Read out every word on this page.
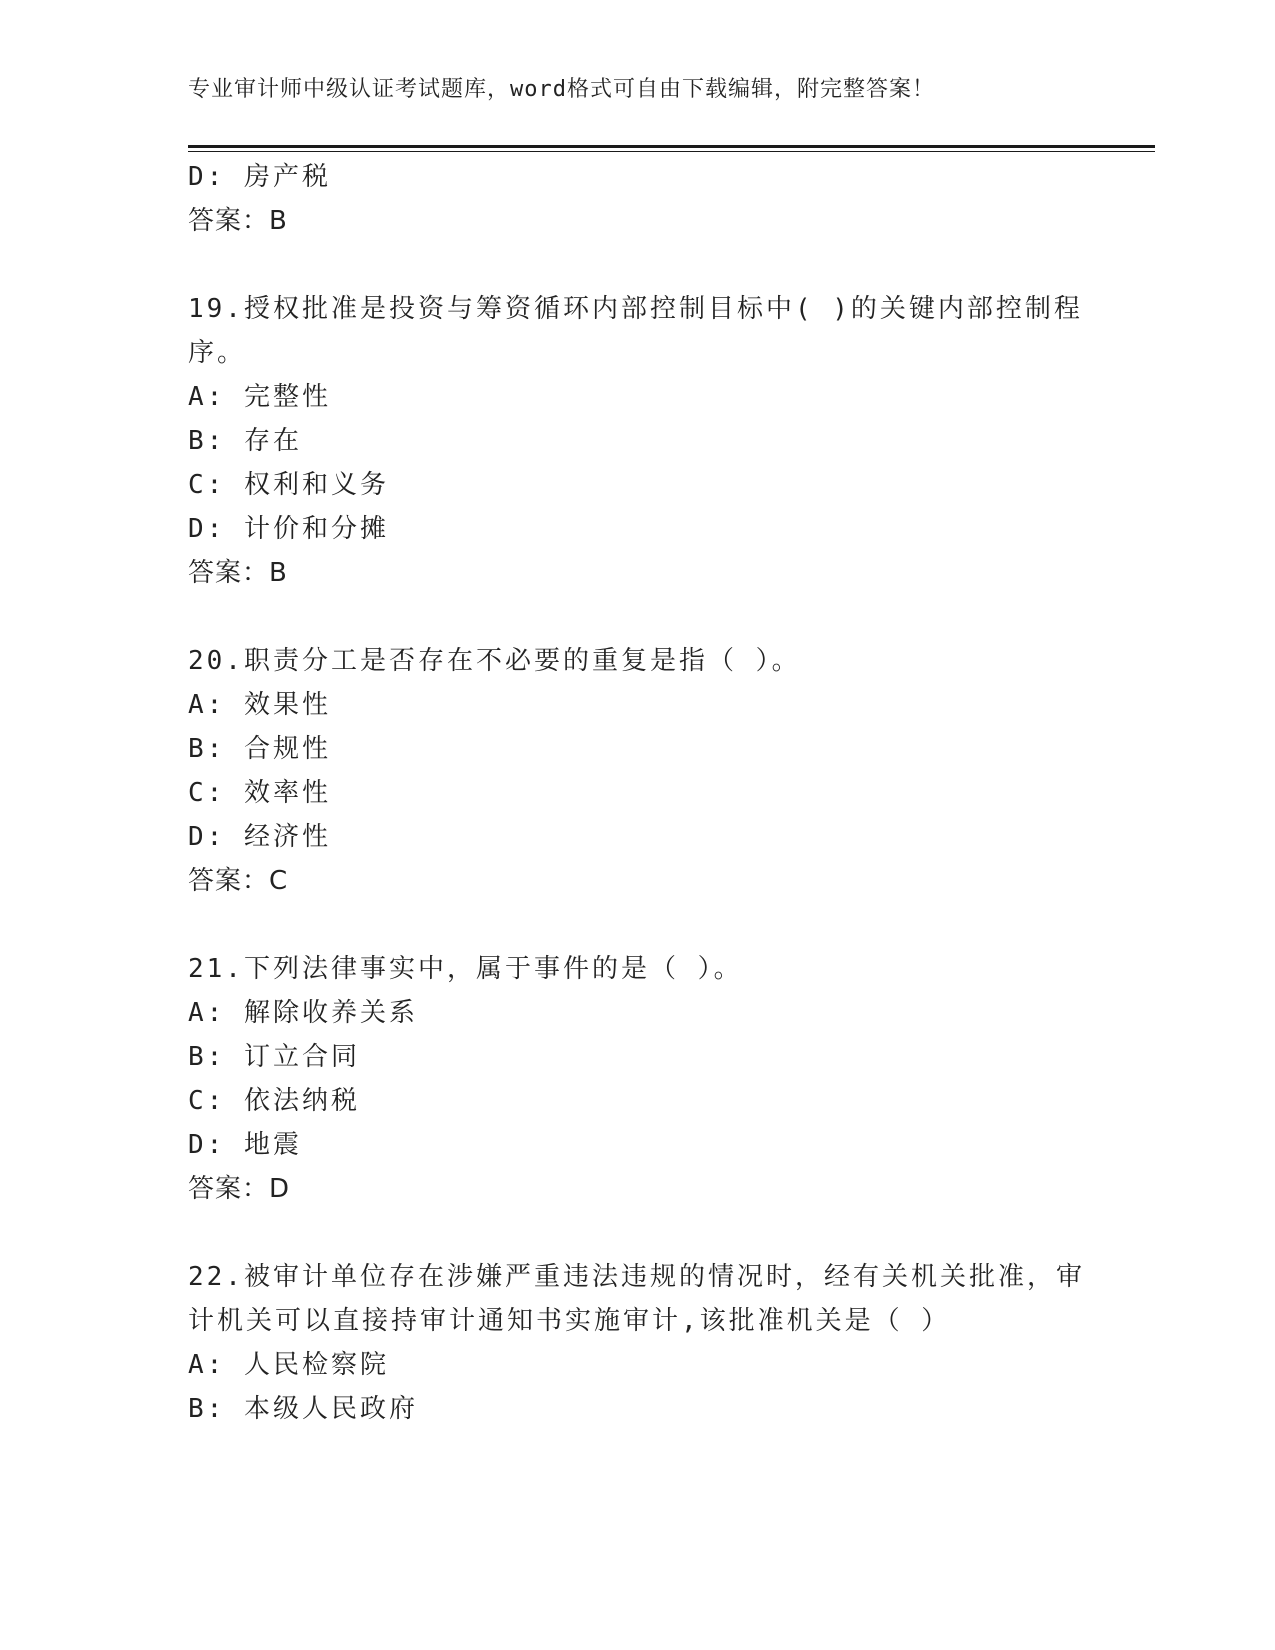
专业审计师中级认证考试题库，word格式可自由下载编辑，附完整答案！
D: 房产税
答案：B
19.授权批准是投资与筹资循环内部控制目标中( )的关键内部控制程
序。
A: 完整性
B: 存在
C: 权利和义务
D: 计价和分摊
答案：B
20.职责分工是否存在不必要的重复是指（ ）。
A: 效果性
B: 合规性
C: 效率性
D: 经济性
答案：C
21.下列法律事实中，属于事件的是（ ）。
A: 解除收养关系
B: 订立合同
C: 依法纳税
D: 地震
答案：D
22.被审计单位存在涉嫌严重违法违规的情况时，经有关机关批准，审
计机关可以直接持审计通知书实施审计,该批准机关是（ ）
A: 人民检察院
B: 本级人民政府
